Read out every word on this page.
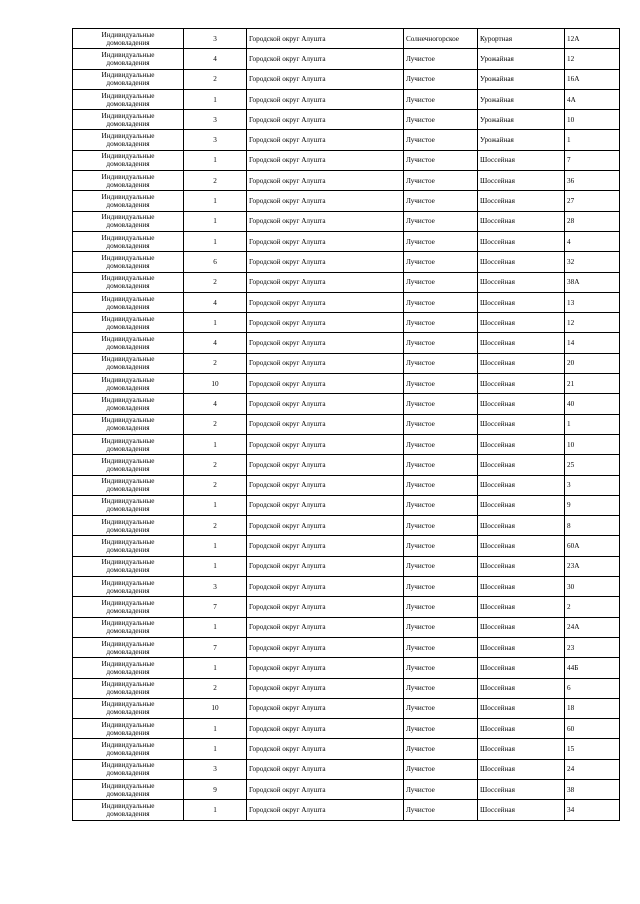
Индивидуальные
домовладения	3	Городской округ Алушта	Солнечногорское	Курортная	12А

Индивидуальные
домовладения	4	Городской округ Алушта	Лучистое	Урожайная	12

Индивидуальные
домовладения	2	Городской округ Алушта	Лучистое	Урожайная	16А

Индивидуальные
домовладения	1	Городской округ Алушта	Лучистое	Урожайная	4А

Индивидуальные
домовладения	3	Городской округ Алушта	Лучистое	Урожайная	10

Индивидуальные
домовладения	3	Городской округ Алушта	Лучистое	Урожайная	1

Индивидуальные
домовладения	1	Городской округ Алушта	Лучистое	Шоссейная	7

Индивидуальные
домовладения	2	Городской округ Алушта	Лучистое	Шоссейная	36

Индивидуальные
домовладения	1	Городской округ Алушта	Лучистое	Шоссейная	27

Индивидуальные
домовладения	1	Городской округ Алушта	Лучистое	Шоссейная	28

Индивидуальные
домовладения	1	Городской округ Алушта	Лучистое	Шоссейная	4

Индивидуальные
домовладения	6	Городской округ Алушта	Лучистое	Шоссейная	32

Индивидуальные
домовладения	2	Городской округ Алушта	Лучистое	Шоссейная	38А

Индивидуальные
домовладения	4	Городской округ Алушта	Лучистое	Шоссейная	13

Индивидуальные
домовладения	1	Городской округ Алушта	Лучистое	Шоссейная	12

Индивидуальные
домовладения	4	Городской округ Алушта	Лучистое	Шоссейная	14

Индивидуальные
домовладения	2	Городской округ Алушта	Лучистое	Шоссейная	20

Индивидуальные
домовладения	10	Городской округ Алушта	Лучистое	Шоссейная	21

Индивидуальные
домовладения	4	Городской округ Алушта	Лучистое	Шоссейная	40

Индивидуальные
домовладения	2	Городской округ Алушта	Лучистое	Шоссейная	1

Индивидуальные
домовладения	1	Городской округ Алушта	Лучистое	Шоссейная	10

Индивидуальные
домовладения	2	Городской округ Алушта	Лучистое	Шоссейная	25

Индивидуальные
домовладения	2	Городской округ Алушта	Лучистое	Шоссейная	3

Индивидуальные
домовладения	1	Городской округ Алушта	Лучистое	Шоссейная	9

Индивидуальные
домовладения	2	Городской округ Алушта	Лучистое	Шоссейная	8

Индивидуальные
домовладения	1	Городской округ Алушта	Лучистое	Шоссейная	60А

Индивидуальные
домовладения	1	Городской округ Алушта	Лучистое	Шоссейная	23А

Индивидуальные
домовладения	3	Городской округ Алушта	Лучистое	Шоссейная	30

Индивидуальные
домовладения	7	Городской округ Алушта	Лучистое	Шоссейная	2

Индивидуальные
домовладения	1	Городской округ Алушта	Лучистое	Шоссейная	24А

Индивидуальные
домовладения	7	Городской округ Алушта	Лучистое	Шоссейная	23

Индивидуальные
домовладения	1	Городской округ Алушта	Лучистое	Шоссейная	44Б

Индивидуальные
домовладения	2	Городской округ Алушта	Лучистое	Шоссейная	6

Индивидуальные
домовладения	10	Городской округ Алушта	Лучистое	Шоссейная	18

Индивидуальные
домовладения	1	Городской округ Алушта	Лучистое	Шоссейная	60

Индивидуальные
домовладения	1	Городской округ Алушта	Лучистое	Шоссейная	15

Индивидуальные
домовладения	3	Городской округ Алушта	Лучистое	Шоссейная	24

Индивидуальные
домовладения	9	Городской округ Алушта	Лучистое	Шоссейная	38

Индивидуальные
домовладения	1	Городской округ Алушта	Лучистое	Шоссейная	34
